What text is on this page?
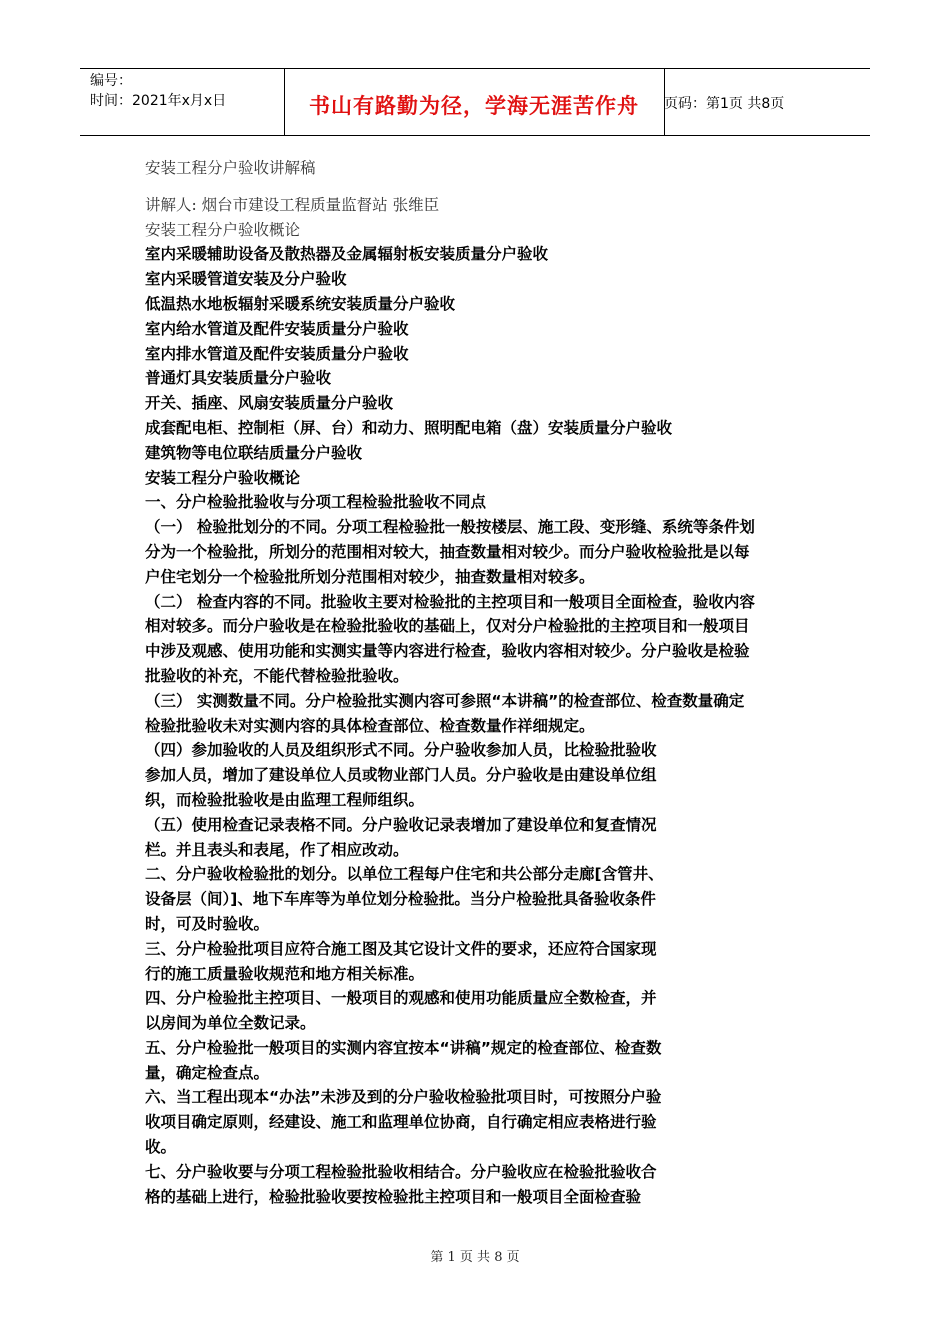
编号：
时间：2021年x月x日	书山有路勤为径，学海无涯苦作舟	页码：第1页 共8页
安装工程分户验收讲解稿
讲解人: 烟台市建设工程质量监督站 张维臣
安装工程分户验收概论
室内采暖辅助设备及散热器及金属辐射板安装质量分户验收
室内采暖管道安装及分户验收
低温热水地板辐射采暖系统安装质量分户验收
室内给水管道及配件安装质量分户验收
室内排水管道及配件安装质量分户验收
普通灯具安装质量分户验收
开关、插座、风扇安装质量分户验收
成套配电柜、控制柜（屏、台）和动力、照明配电箱（盘）安装质量分户验收
建筑物等电位联结质量分户验收
安装工程分户验收概论
一、分户检验批验收与分项工程检验批验收不同点
（一） 检验批划分的不同。分项工程检验批一般按楼层、施工段、变形缝、系统等条件划
分为一个检验批，所划分的范围相对较大，抽查数量相对较少。而分户验收检验批是以每
户住宅划分一个检验批所划分范围相对较少，抽查数量相对较多。
（二） 检查内容的不同。批验收主要对检验批的主控项目和一般项目全面检查，验收内容
相对较多。而分户验收是在检验批验收的基础上，仅对分户检验批的主控项目和一般项目
中涉及观感、使用功能和实测实量等内容进行检查，验收内容相对较少。分户验收是检验
批验收的补充，不能代替检验批验收。
（三） 实测数量不同。分户检验批实测内容可参照“本讲稿”的检查部位、检查数量确定
检验批验收未对实测内容的具体检查部位、检查数量作祥细规定。
（四）参加验收的人员及组织形式不同。分户验收参加人员，比检验批验收
参加人员，增加了建设单位人员或物业部门人员。分户验收是由建设单位组
织，而检验批验收是由监理工程师组织。
（五）使用检查记录表格不同。分户验收记录表增加了建设单位和复查情况
栏。并且表头和表尾，作了相应改动。
二、分户验收检验批的划分。以单位工程每户住宅和共公部分走廊[含管井、
设备层（间）]、地下车库等为单位划分检验批。当分户检验批具备验收条件
时，可及时验收。
三、分户检验批项目应符合施工图及其它设计文件的要求，还应符合国家现
行的施工质量验收规范和地方相关标准。
四、分户检验批主控项目、一般项目的观感和使用功能质量应全数检查，并
以房间为单位全数记录。
五、分户检验批一般项目的实测内容宜按本“讲稿”规定的检查部位、检查数
量，确定检查点。
六、当工程出现本“办法”未涉及到的分户验收检验批项目时，可按照分户验
收项目确定原则，经建设、施工和监理单位协商，自行确定相应表格进行验
收。
七、分户验收要与分项工程检验批验收相结合。分户验收应在检验批验收合
格的基础上进行，检验批验收要按检验批主控项目和一般项目全面检查验
第 1 页 共 8 页
